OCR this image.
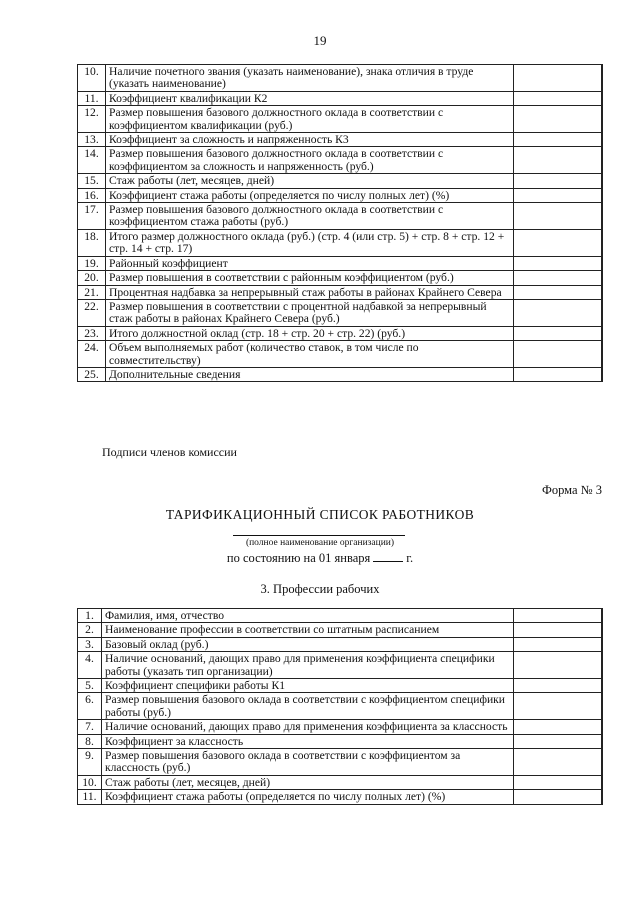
19
10.	Наличие почетного звания (указать наименование), знака отличия в труде (указать наименование)	
11.	Коэффициент квалификации К2	
12.	Размер повышения базового должностного оклада в соответствии с коэффициентом квалификации (руб.)	
13.	Коэффициент за сложность и напряженность К3	
14.	Размер повышения базового должностного оклада в соответствии с коэффициентом за сложность и напряженность (руб.)	
15.	Стаж работы (лет, месяцев, дней)	
16.	Коэффициент стажа работы (определяется по числу полных лет) (%)	
17.	Размер повышения базового должностного оклада в соответствии с коэффициентом стажа работы (руб.)	
18.	Итого размер должностного оклада (руб.) (стр. 4 (или стр. 5) + стр. 8 + стр. 12 + стр. 14 + стр. 17)	
19.	Районный коэффициент	
20.	Размер повышения в соответствии с районным коэффициентом (руб.)	
21.	Процентная надбавка за непрерывный стаж работы в районах Крайнего Севера	
22.	Размер повышения в соответствии с процентной надбавкой за непрерывный стаж работы в районах Крайнего Севера (руб.)	
23.	Итого должностной оклад (стр. 18 + стр. 20 + стр. 22) (руб.)	
24.	Объем выполняемых работ (количество ставок, в том числе по совместительству)	
25.	Дополнительные сведения	
Подписи членов комиссии
Форма № 3
ТАРИФИКАЦИОННЫЙ СПИСОК РАБОТНИКОВ
(полное наименование организации)
по состоянию на 01 января	г.
3. Профессии рабочих
1.	Фамилия, имя, отчество	
2.	Наименование профессии в соответствии со штатным расписанием	
3.	Базовый оклад (руб.)	
4.	Наличие оснований, дающих право для применения коэффициента специфики работы (указать тип организации)	
5.	Коэффициент специфики работы К1	
6.	Размер повышения базового оклада в соответствии с коэффициентом специфики работы (руб.)	
7.	Наличие оснований, дающих право для применения коэффициента за классность	
8.	Коэффициент за классность	
9.	Размер повышения базового оклада в соответствии с коэффициентом за классность (руб.)	
10.	Стаж работы (лет, месяцев, дней)	
11.	Коэффициент стажа работы (определяется по числу полных лет) (%)	
